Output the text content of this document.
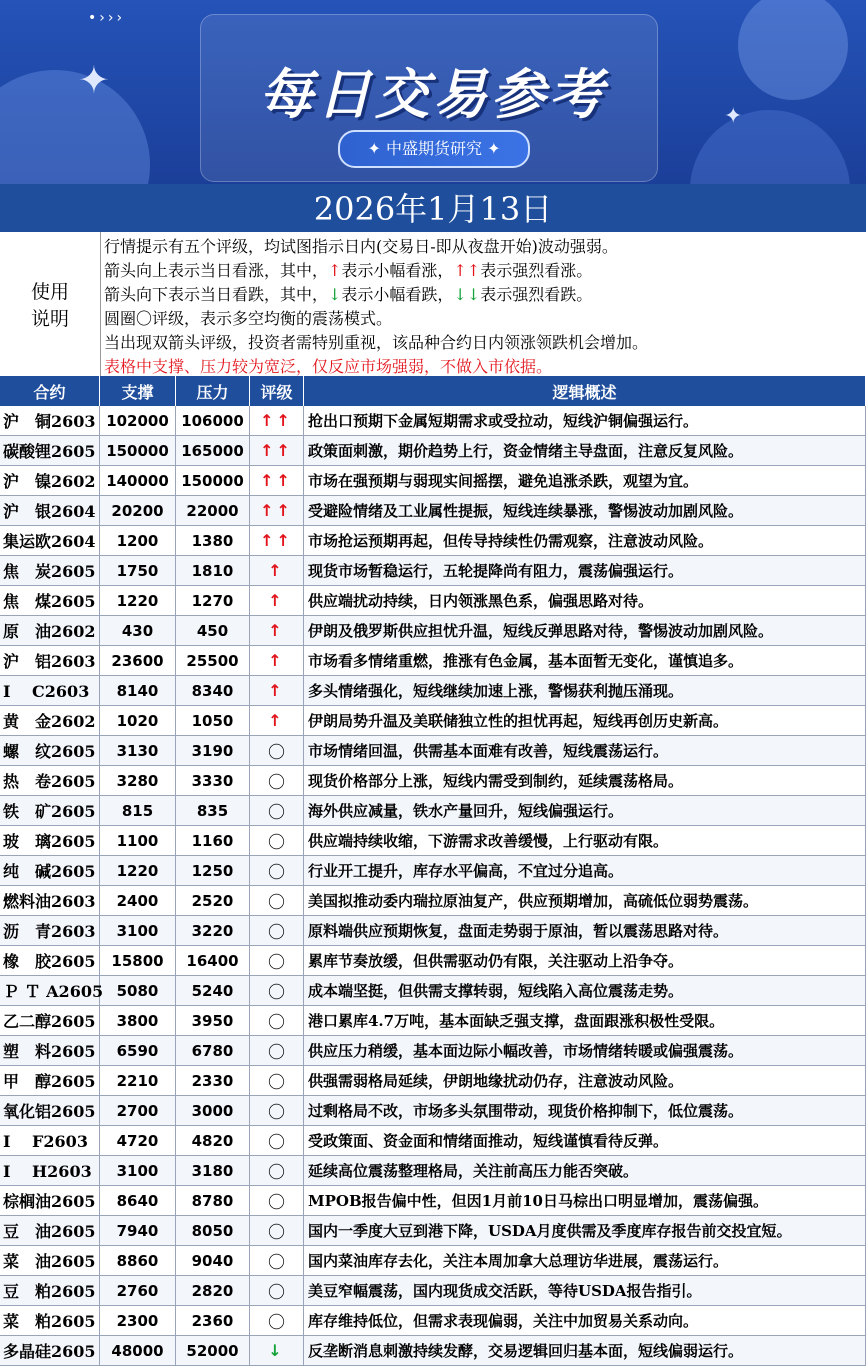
•›››
✦
✦
每日交易参考
✦ 中盛期货研究 ✦
2026年1月13日
使用
说明
行情提示有五个评级，均试图指示日内(交易日-即从夜盘开始)波动强弱。
箭头向上表示当日看涨，其中，↑表示小幅看涨，↑↑表示强烈看涨。
箭头向下表示当日看跌，其中，↓表示小幅看跌，↓↓表示强烈看跌。
圆圈〇评级，表示多空均衡的震荡模式。
当出现双箭头评级，投资者需特别重视，该品种合约日内领涨领跌机会增加。
表格中支撑、压力较为宽泛，仅反应市场强弱，不做入市依据。
合约	支撑	压力	评级	逻辑概述
沪　铜2603 102000 106000	↑↑ 抢出口预期下金属短期需求或受拉动，短线沪铜偏强运行。
碳酸锂2605 150000 165000	↑↑ 政策面刺激，期价趋势上行，资金情绪主导盘面，注意反复风险。
沪　镍2602 140000 150000	↑↑ 市场在强预期与弱现实间摇摆，避免追涨杀跌，观望为宜。
沪　银2604	20200	22000	↑↑ 受避险情绪及工业属性提振，短线连续暴涨，警惕波动加剧风险。
集运欧2604	1200	1380	↑↑ 市场抢运预期再起，但传导持续性仍需观察，注意波动风险。
焦　炭2605	1750	1810	↑ 现货市场暂稳运行，五轮提降尚有阻力，震荡偏强运行。
焦　煤2605	1220	1270	↑ 供应端扰动持续，日内领涨黑色系，偏强思路对待。
原　油2602	430	450	↑ 伊朗及俄罗斯供应担忧升温，短线反弹思路对待，警惕波动加剧风险。
沪　铝2603	23600	25500	↑ 市场看多情绪重燃，推涨有色金属，基本面暂无变化，谨慎追多。
I　 C2603	8140	8340	↑ 多头情绪强化，短线继续加速上涨，警惕获利抛压涌现。
黄　金2602	1020	1050	↑ 伊朗局势升温及美联储独立性的担忧再起，短线再创历史新高。
螺　纹2605	3130	3190	〇 市场情绪回温，供需基本面难有改善，短线震荡运行。
热　卷2605	3280	3330	〇 现货价格部分上涨，短线内需受到制约，延续震荡格局。
铁　矿2605	815	835	〇 海外供应减量，铁水产量回升，短线偏强运行。
玻　璃2605	1100	1160	〇 供应端持续收缩，下游需求改善缓慢，上行驱动有限。
纯　碱2605	1220	1250	〇 行业开工提升，库存水平偏高，不宜过分追高。
燃料油2603	2400	2520	〇 美国拟推动委内瑞拉原油复产，供应预期增加，高硫低位弱势震荡。
沥　青2603	3100	3220	〇 原料端供应预期恢复，盘面走势弱于原油，暂以震荡思路对待。
橡　胶2605	15800	16400	〇 累库节奏放缓，但供需驱动仍有限，关注驱动上沿争夺。
Ｐ Ｔ A2605 5080	5240	〇 成本端坚挺，但供需支撑转弱，短线陷入高位震荡走势。
乙二醇2605	3800	3950	〇 港口累库4.7万吨，基本面缺乏强支撑，盘面跟涨积极性受限。
塑　料2605	6590	6780	〇 供应压力稍缓，基本面边际小幅改善，市场情绪转暖或偏强震荡。
甲　醇2605	2210	2330	〇 供强需弱格局延续，伊朗地缘扰动仍存，注意波动风险。
氧化铝2605	2700	3000	〇 过剩格局不改，市场多头氛围带动，现货价格抑制下，低位震荡。
I　 F2603	4720	4820	〇 受政策面、资金面和情绪面推动，短线谨慎看待反弹。
I　 H2603	3100	3180	〇 延续高位震荡整理格局，关注前高压力能否突破。
棕榈油2605	8640	8780	〇 MPOB报告偏中性，但因1月前10日马棕出口明显增加，震荡偏强。
豆　油2605	7940	8050	〇 国内一季度大豆到港下降，USDA月度供需及季度库存报告前交投宜短。
菜　油2605	8860	9040	〇 国内菜油库存去化，关注本周加拿大总理访华进展，震荡运行。
豆　粕2605	2760	2820	〇 美豆窄幅震荡，国内现货成交活跃，等待USDA报告指引。
菜　粕2605	2300	2360	〇 库存维持低位，但需求表现偏弱，关注中加贸易关系动向。
多晶硅2605	48000	52000	↓ 反垄断消息刺激持续发酵，交易逻辑回归基本面，短线偏弱运行。
